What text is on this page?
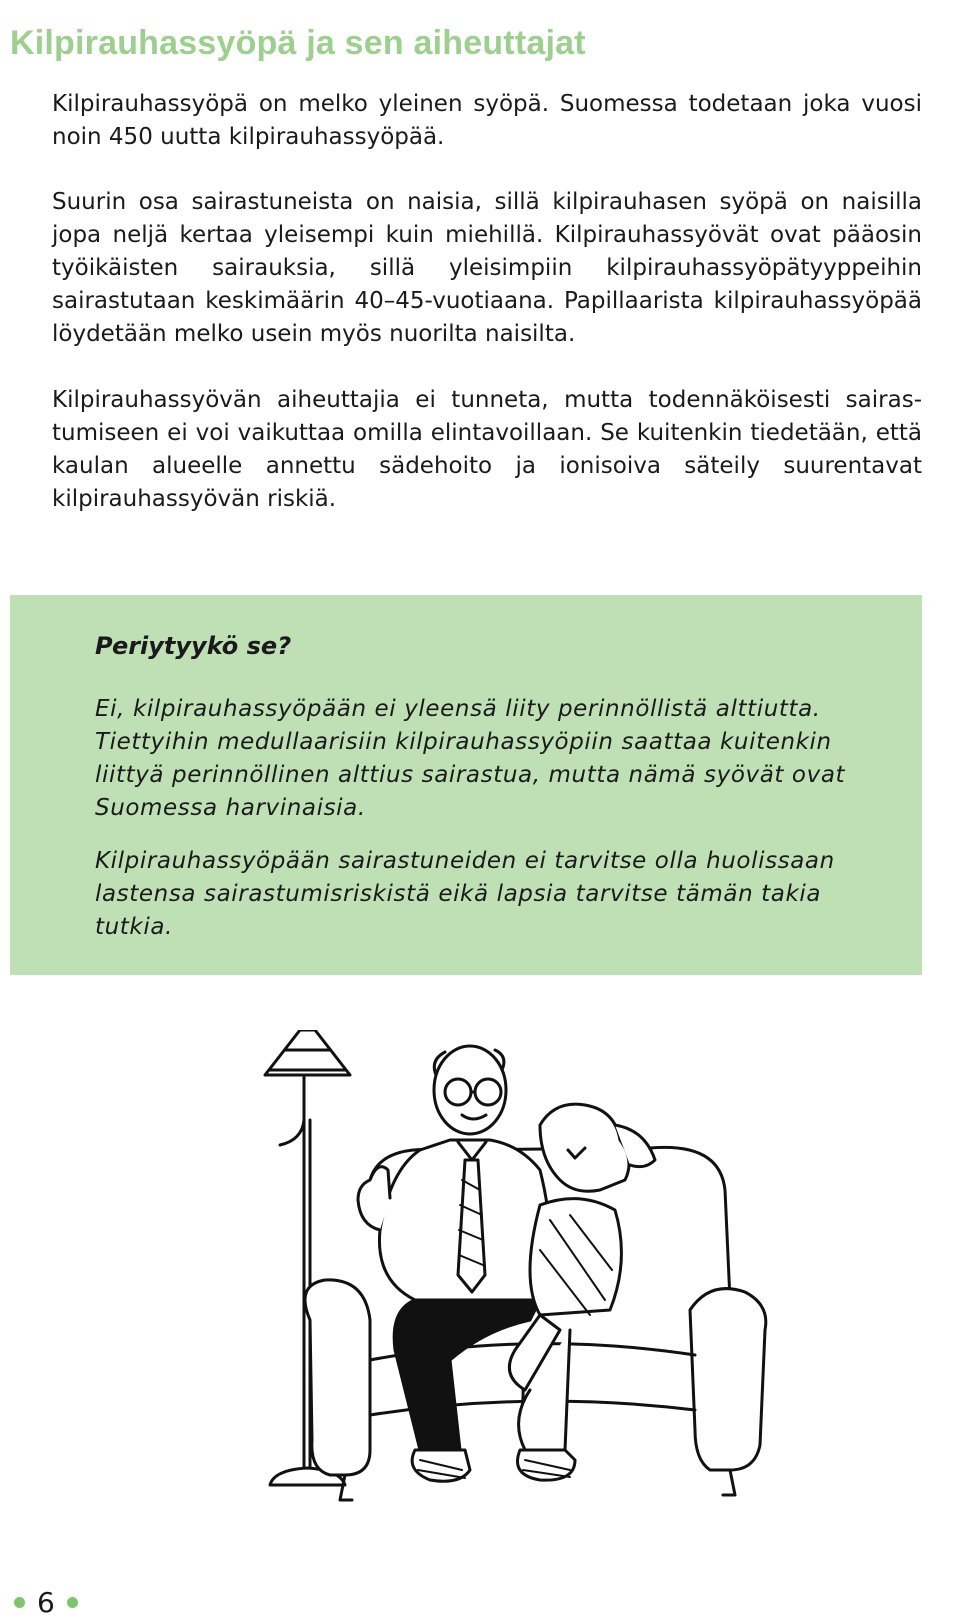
Kilpirauhassyöpä ja sen aiheuttajat

Kilpirauhassyöpä on melko yleinen syöpä. Suomessa todetaan joka vuosi noin 450 uutta kilpirauhassyöpää.

Suurin osa sairastuneista on naisia, sillä kilpirauhasen syöpä on naisilla jopa neljä kertaa yleisempi kuin miehillä. Kilpirauhassyövät ovat pääosin työikäisten sairauksia, sillä yleisimpiin kilpirauhassyöpätyyppeihin sairastutaan keskimäärin 40–45-vuotiaana. Papillaarista kilpirauhassyöpää löydetään melko usein myös nuorilta naisilta.

Kilpirauhassyövän aiheuttajia ei tunneta, mutta todennäköisesti sairastumiseen ei voi vaikuttaa omilla elintavoillaan. Se kuitenkin tiedetään, että kaulan alueelle annettu sädehoito ja ionisoiva säteily suurentavat kilpirauhassyövän riskiä.

Periytyykö se?

Ei, kilpirauhassyöpään ei yleensä liity perinnöllistä alttiutta. Tiettyihin medullaarisiin kilpirauhassyöpiin saattaa kuitenkin liittyä perinnöllinen alttius sairastua, mutta nämä syövät ovat Suomessa harvinaisia.

Kilpirauhassyöpään sairastuneiden ei tarvitse olla huolissaan lastensa sairastumisriskistä eikä lapsia tarvitse tämän takia tutkia.

6
